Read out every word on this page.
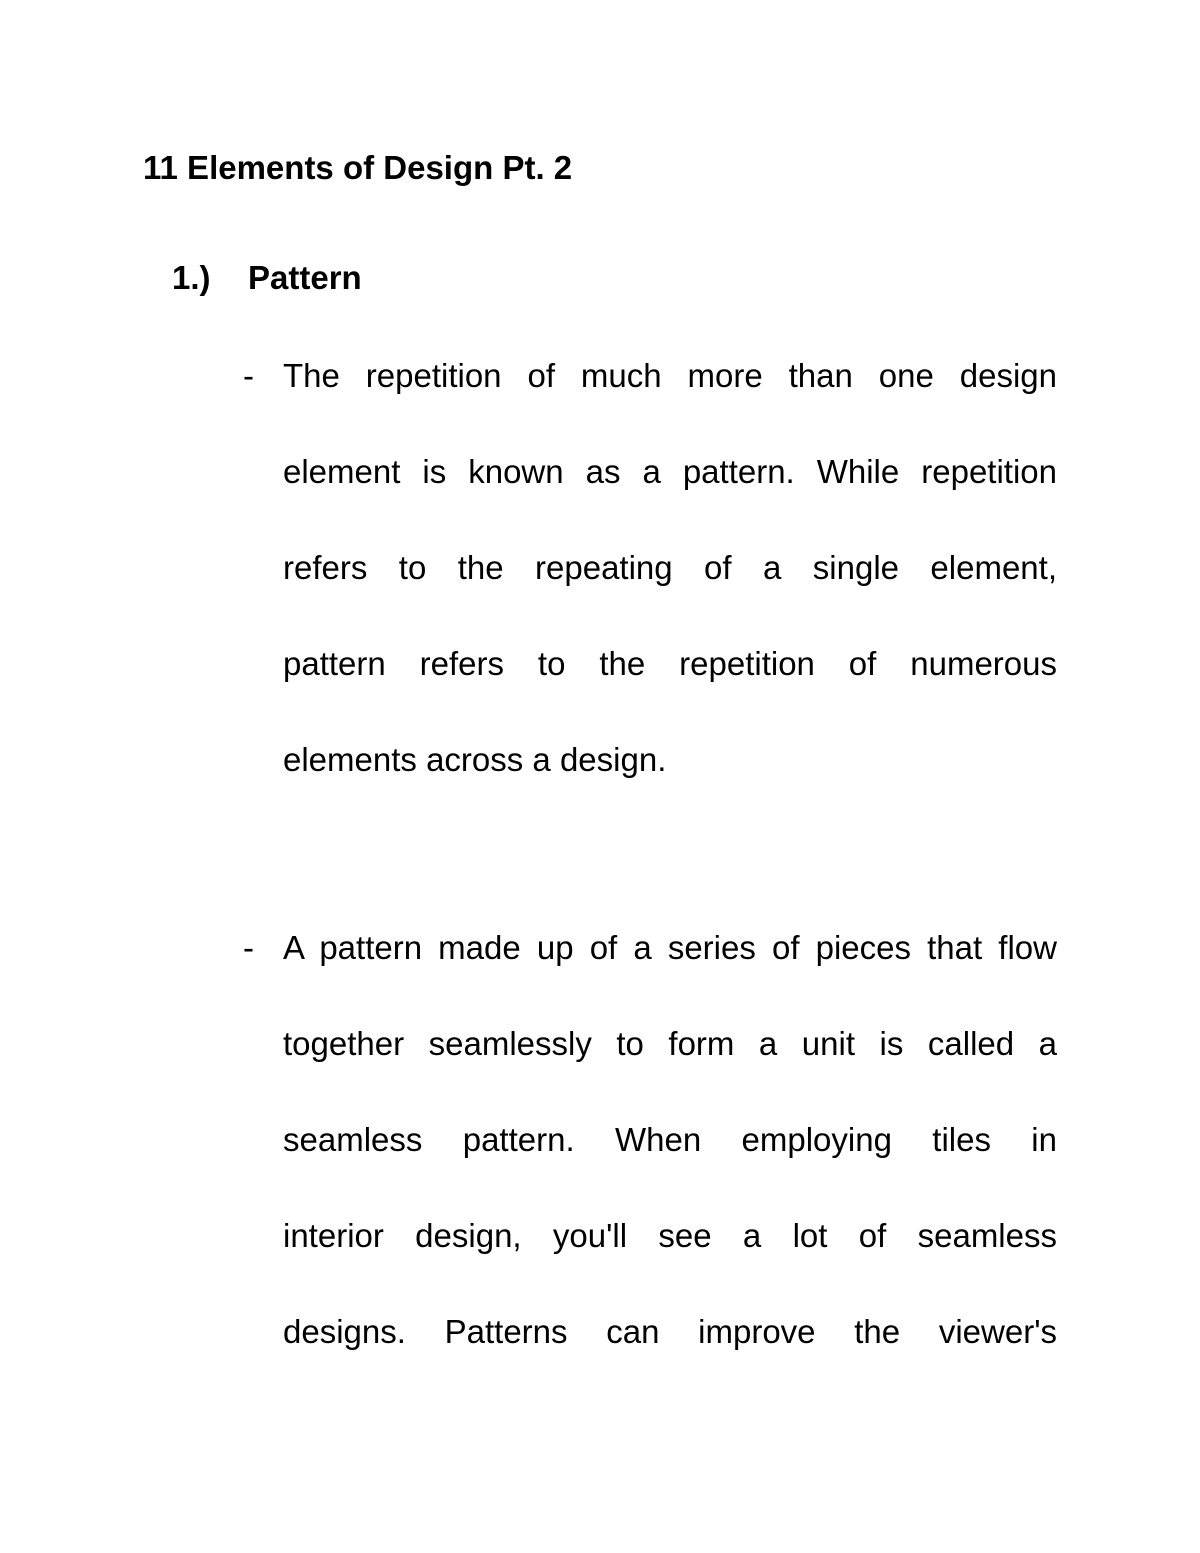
11 Elements of Design Pt. 2
1.) Pattern
- The repetition of much more than one design
element is known as a pattern. While repetition
refers to the repeating of a single element,
pattern refers to the repetition of numerous
elements across a design.
- A pattern made up of a series of pieces that flow
together seamlessly to form a unit is called a
seamless pattern. When employing tiles in
interior design, you'll see a lot of seamless
designs. Patterns can improve the viewer's
